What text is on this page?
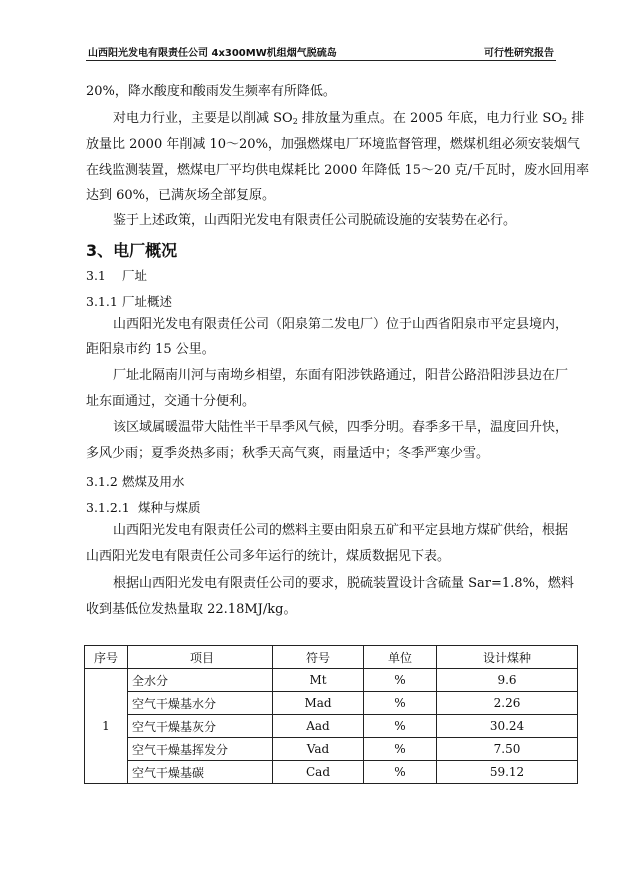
山西阳光发电有限责任公司 4x300MW机组烟气脱硫岛	可行性研究报告
20%，降水酸度和酸雨发生频率有所降低。
对电力行业，主要是以削减 $SO_2$ 排放量为重点。在 2005 年底，电力行业 $SO_2$ 排
放量比 2000 年削减 10～20%，加强燃煤电厂环境监督管理，燃煤机组必须安装烟气
在线监测装置，燃煤电厂平均供电煤耗比 2000 年降低 15～20 克/千瓦时，废水回用率
达到 60%，已满灰场全部复原。
鉴于上述政策，山西阳光发电有限责任公司脱硫设施的安装势在必行。
3、电厂概况
3.1 厂址
3.1.1 厂址概述
山西阳光发电有限责任公司（阳泉第二发电厂）位于山西省阳泉市平定县境内，
距阳泉市约 15 公里。
厂址北隔南川河与南坳乡相望，东面有阳涉铁路通过，阳昔公路沿阳涉县边在厂
址东面通过，交通十分便利。
该区域属暖温带大陆性半干旱季风气候，四季分明。春季多干旱，温度回升快，
多风少雨；夏季炎热多雨；秋季天高气爽，雨量适中；冬季严寒少雪。
3.1.2 燃煤及用水
3.1.2.1 煤种与煤质
山西阳光发电有限责任公司的燃料主要由阳泉五矿和平定县地方煤矿供给，根据
山西阳光发电有限责任公司多年运行的统计，煤质数据见下表。
根据山西阳光发电有限责任公司的要求，脱硫装置设计含硫量 Sar=1.8%，燃料
收到基低位发热量取 22.18MJ/kg。
序号	项目	符号	单位	设计煤种
1	全水分	Mt	%	9.6
	空气干燥基水分	Mad	%	2.26
	空气干燥基灰分	Aad	%	30.24
	空气干燥基挥发分	Vad	%	7.50
	空气干燥基碳	Cad	%	59.12
